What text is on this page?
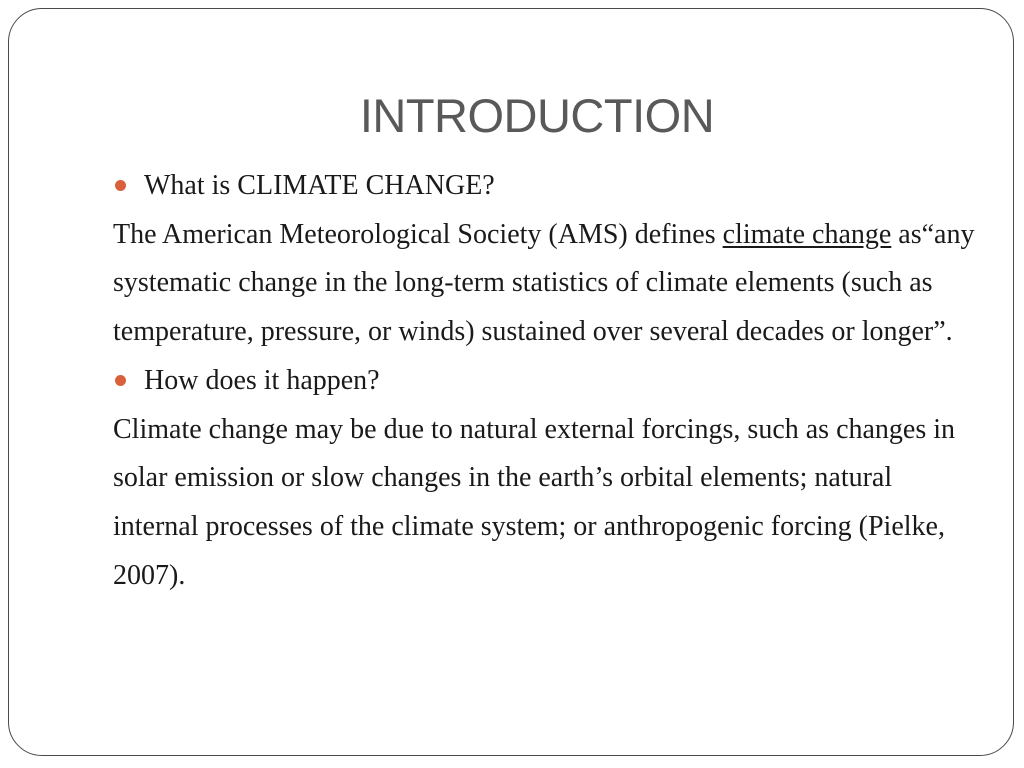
INTRODUCTION
What is CLIMATE CHANGE?

The American Meteorological Society (AMS) defines climate change as“any systematic change in the long-term statistics of climate elements (such as temperature, pressure, or winds) sustained over several decades or longer”.

How does it happen?

Climate change may be due to natural external forcings, such as changes in solar emission or slow changes in the earth’s orbital elements; natural internal processes of the climate system; or anthropogenic forcing (Pielke, 2007).
